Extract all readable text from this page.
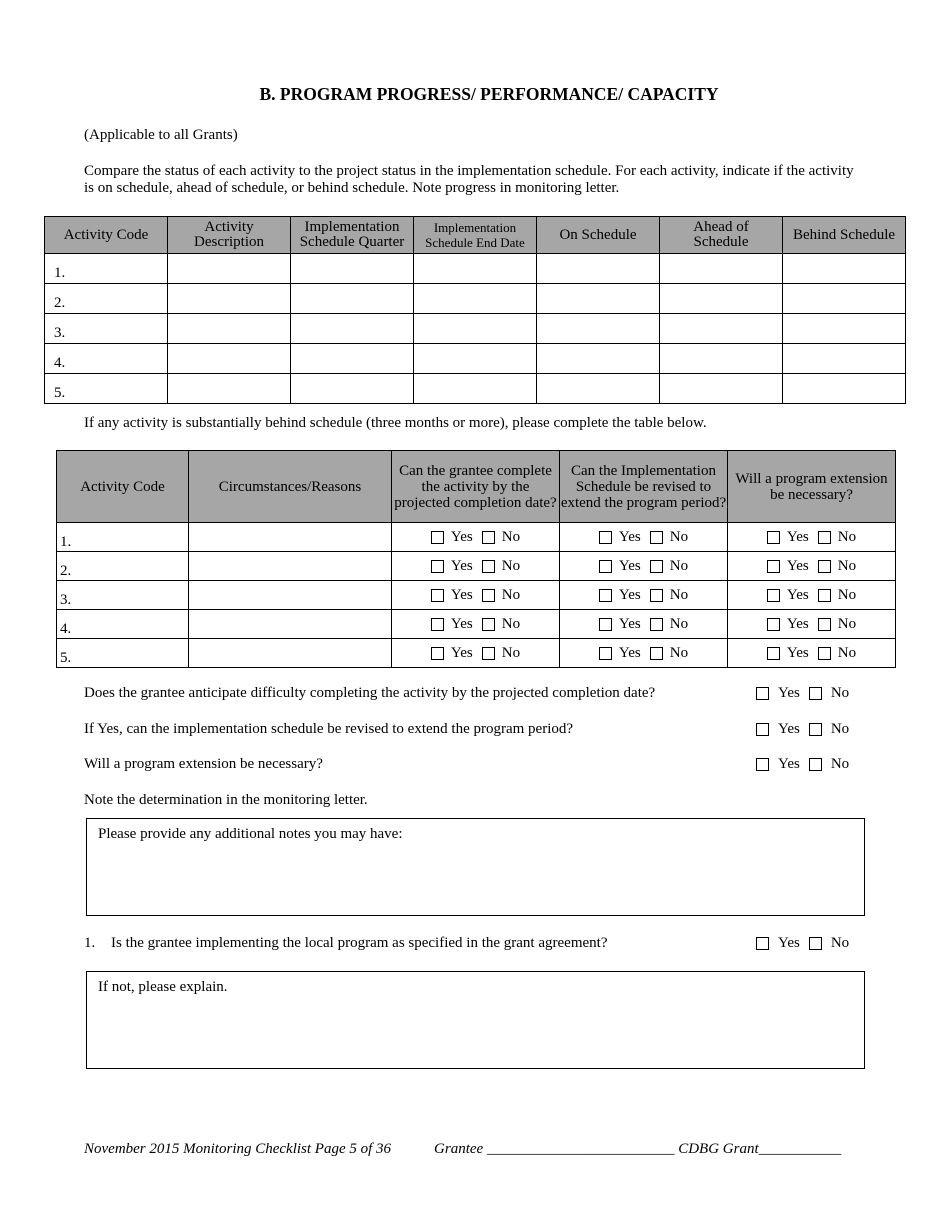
B. PROGRAM PROGRESS/ PERFORMANCE/ CAPACITY
(Applicable to all Grants)
Compare the status of each activity to the project status in the implementation schedule. For each activity, indicate if the activity is on schedule, ahead of schedule, or behind schedule. Note progress in monitoring letter.
Activity Code	Activity Description	Implementation Schedule Quarter	Implementation Schedule End Date	On Schedule	Ahead of Schedule	Behind Schedule
1.						
2.						
3.						
4.						
5.						
If any activity is substantially behind schedule (three months or more), please complete the table below.
Activity Code	Circumstances/Reasons	Can the grantee complete the activity by the projected completion date?	Can the Implementation Schedule be revised to extend the program period?	Will a program extension be necessary?
1.		Yes No	Yes No	Yes No

2.		Yes No	Yes No	Yes No

3.		Yes No	Yes No	Yes No

4.		Yes No	Yes No	Yes No

5.		Yes No	Yes No	Yes No
Does the grantee anticipate difficulty completing the activity by the projected completion date?	Yes No
If Yes, can the implementation schedule be revised to extend the program period?	Yes No
Will a program extension be necessary?	Yes No
Note the determination in the monitoring letter.
Please provide any additional notes you may have:
1. Is the grantee implementing the local program as specified in the grant agreement?	Yes No
If not, please explain.
November 2015 Monitoring Checklist Page 5 of 36	Grantee _________________________ CDBG Grant___________
